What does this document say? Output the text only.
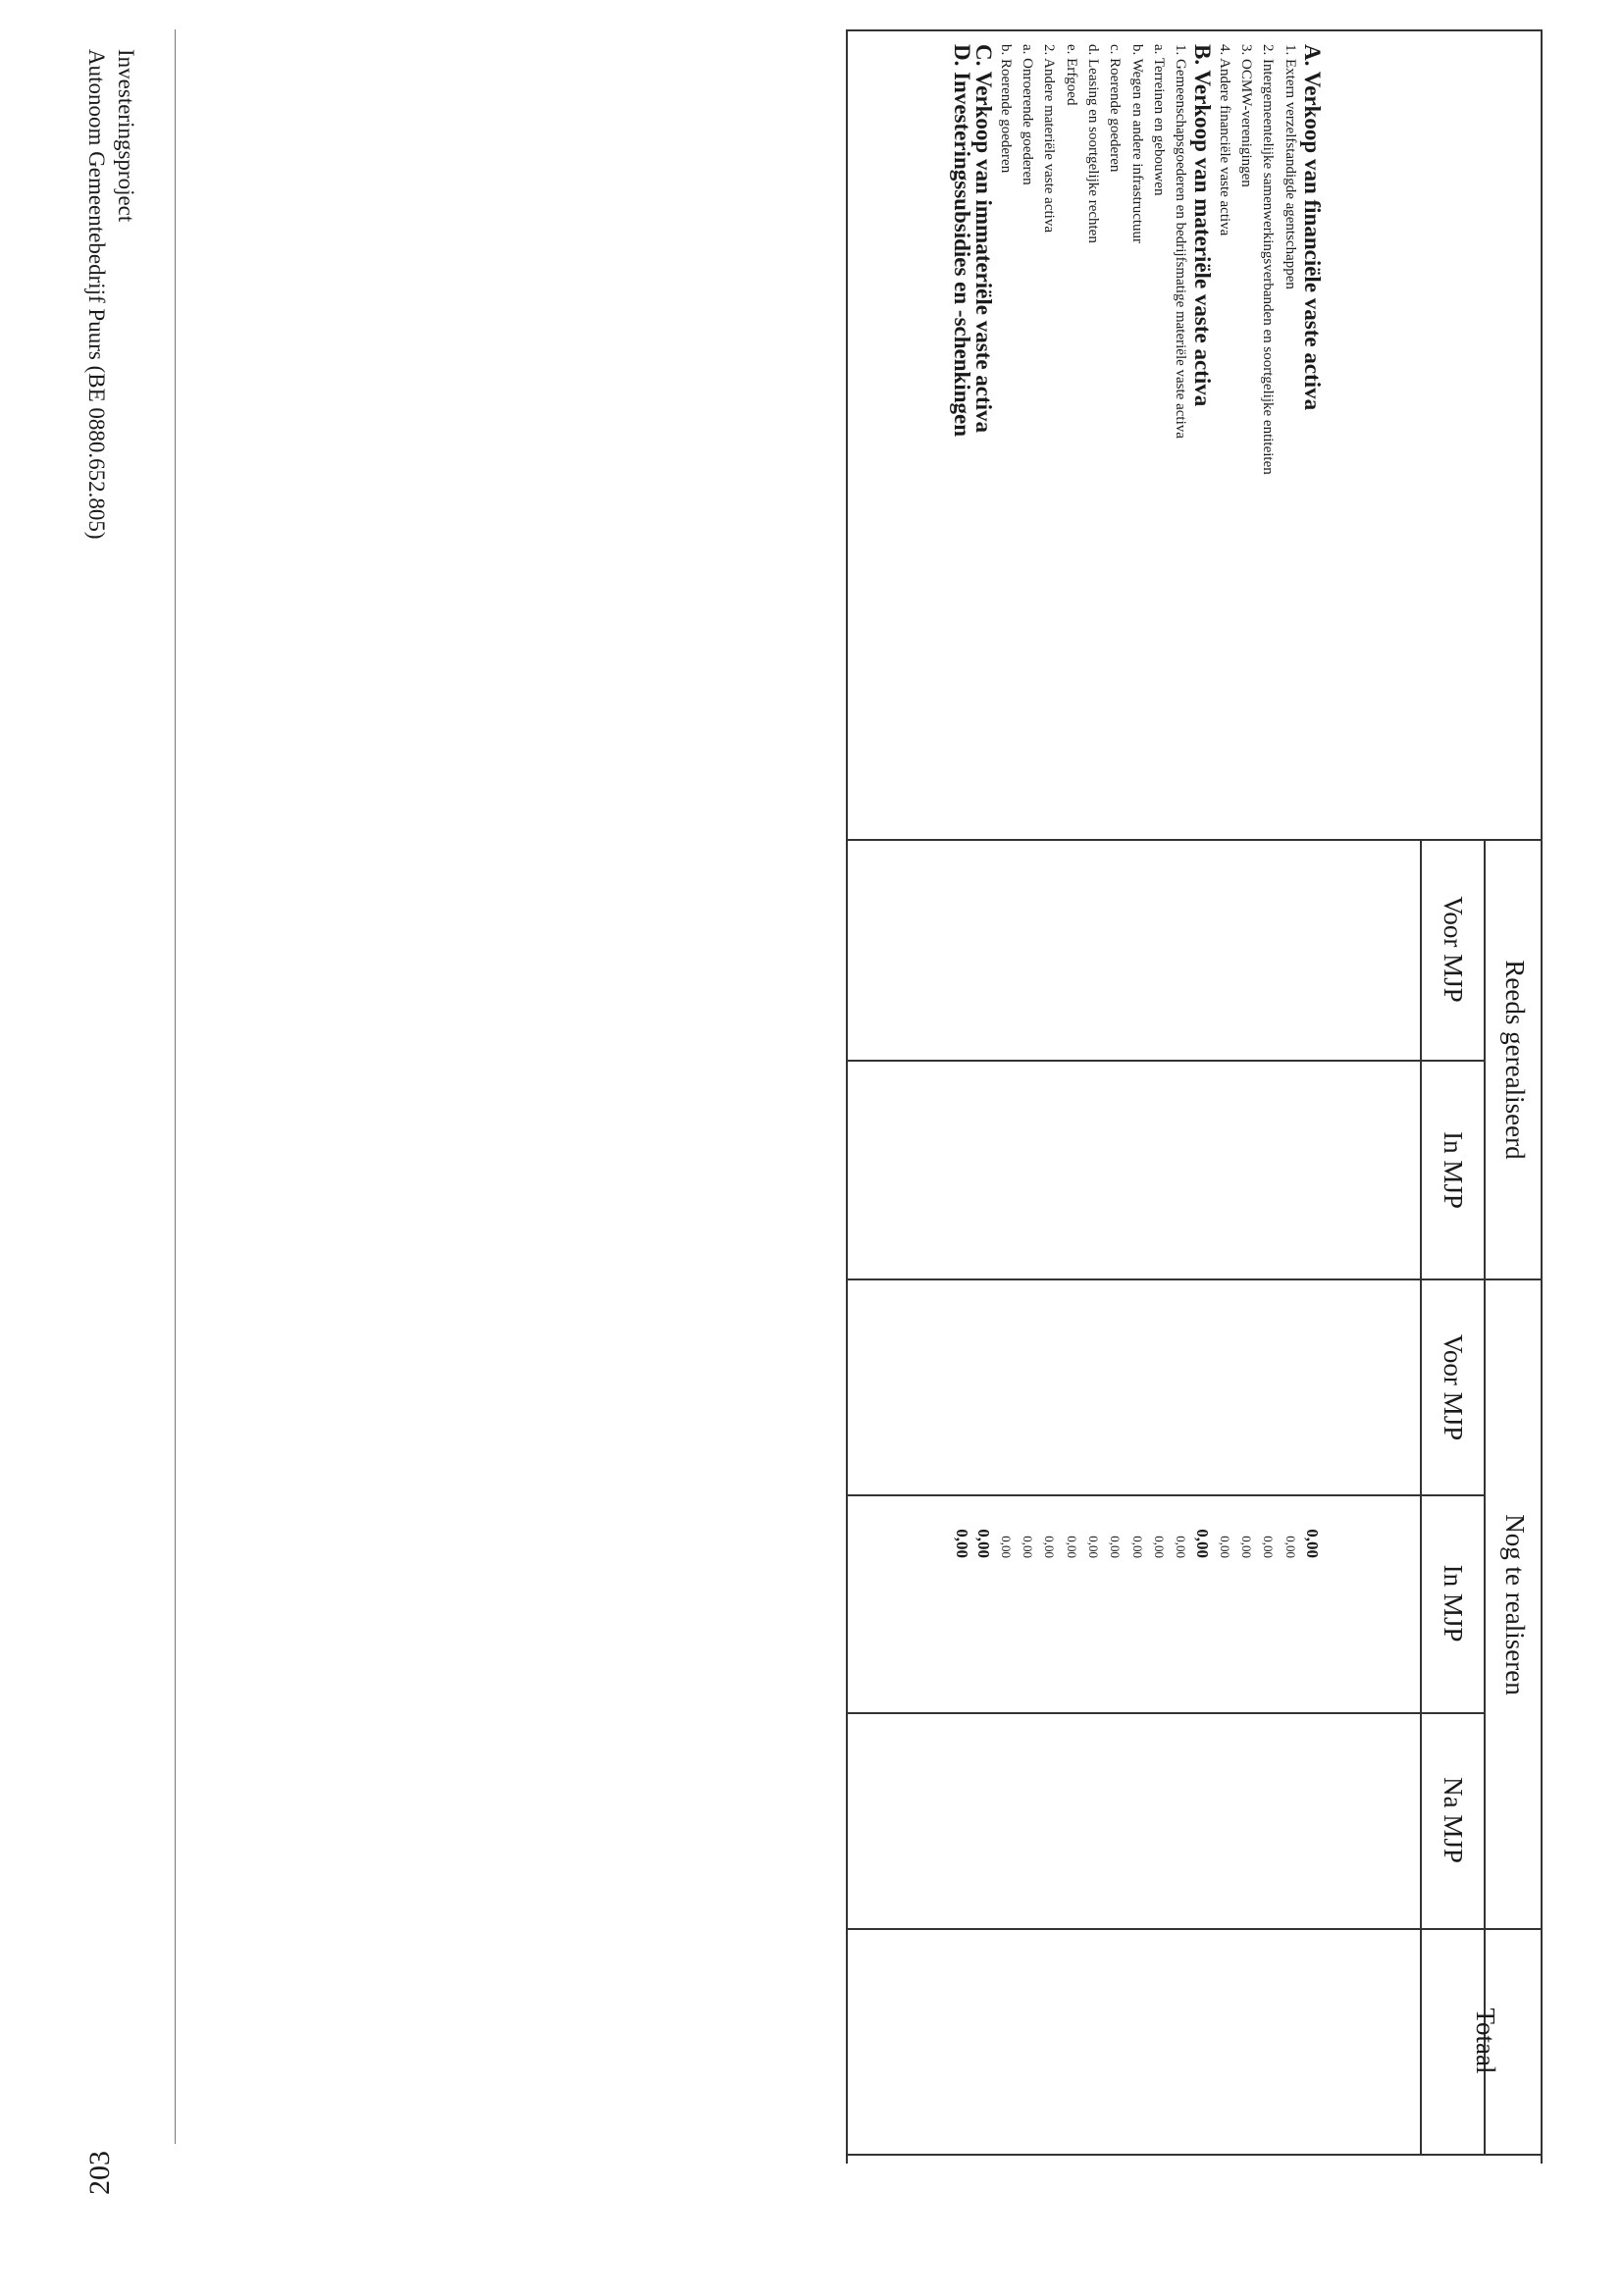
Reeds gerealiseerd
Voor MJP
In MJP
Nog te realiseren
Voor MJP
In MJP
Na MJP
Totaal
A. Verkoop van financiële vaste activa
0,00
1. Extern verzelfstandigde agentschappen
0,00
2. Intergemeentelijke samenwerkingsverbanden en soortgelijke entiteiten
0,00
3. OCMW-verenigingen
0,00
4. Andere financiële vaste activa
0,00
B. Verkoop van materiële vaste activa
0,00
1. Gemeenschapsgoederen en bedrijfsmatige materiële vaste activa
0,00
a. Terreinen en gebouwen
0,00
b. Wegen en andere infrastructuur
0,00
c. Roerende goederen
0,00
d. Leasing en soortgelijke rechten
0,00
e. Erfgoed
0,00
2. Andere materiële vaste activa
0,00
a. Onroerende goederen
0,00
b. Roerende goederen
0,00
C. Verkoop van immateriële vaste activa
0,00
D. Investeringssubsidies en -schenkingen
0,00
Investeringsproject
Autonoom Gemeentebedrijf Puurs (BE 0880.652.805)
203
